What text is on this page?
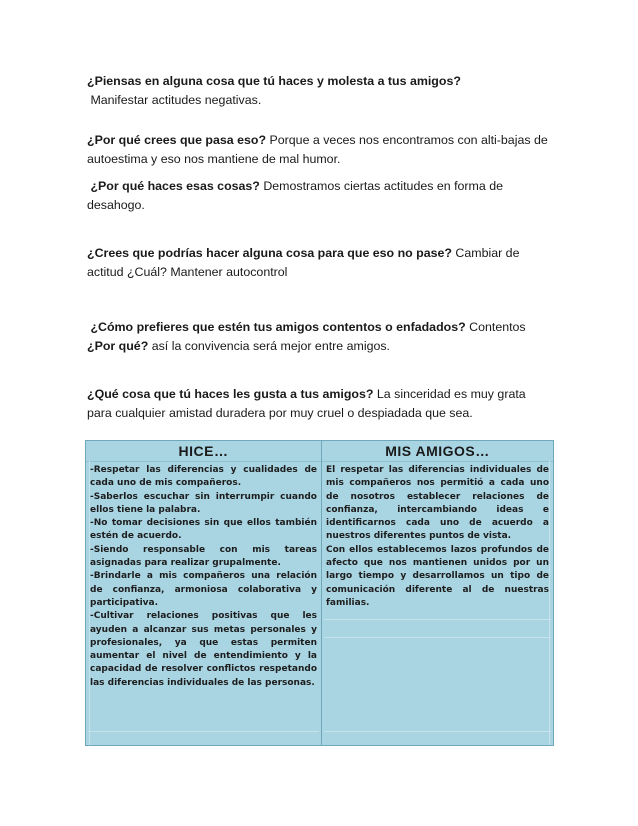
¿Piensas en alguna cosa que tú haces y molesta a tus amigos?
Manifestar actitudes negativas.

¿Por qué crees que pasa eso? Porque a veces nos encontramos con alti-bajas de autoestima y eso nos mantiene de mal humor.

¿Por qué haces esas cosas? Demostramos ciertas actitudes en forma de desahogo.

¿Crees que podrías hacer alguna cosa para que eso no pase? Cambiar de actitud ¿Cuál? Mantener autocontrol

¿Cómo prefieres que estén tus amigos contentos o enfadados? Contentos
¿Por qué? así la convivencia será mejor entre amigos.

¿Qué cosa que tú haces les gusta a tus amigos? La sinceridad es muy grata para cualquier amistad duradera por muy cruel o despiadada que sea.

HICE…
-Respetar las diferencias y cualidades de cada uno de mis compañeros.
-Saberlos escuchar sin interrumpir cuando ellos tiene la palabra.
-No tomar decisiones sin que ellos también estén de acuerdo.
-Siendo responsable con mis tareas asignadas para realizar grupalmente.
-Brindarle a mis compañeros una relación de confianza, armoniosa colaborativa y participativa.
-Cultivar relaciones positivas que les ayuden a alcanzar sus metas personales y profesionales, ya que estas permiten aumentar el nivel de entendimiento y la capacidad de resolver conflictos respetando las diferencias individuales de las personas.
MIS AMIGOS…
El respetar las diferencias individuales de mis compañeros nos permitió a cada uno de nosotros establecer relaciones de confianza, intercambiando ideas e identificarnos cada uno de acuerdo a nuestros diferentes puntos de vista.
Con ellos establecemos lazos profundos de afecto que nos mantienen unidos por un largo tiempo y desarrollamos un tipo de comunicación diferente al de nuestras familias.
